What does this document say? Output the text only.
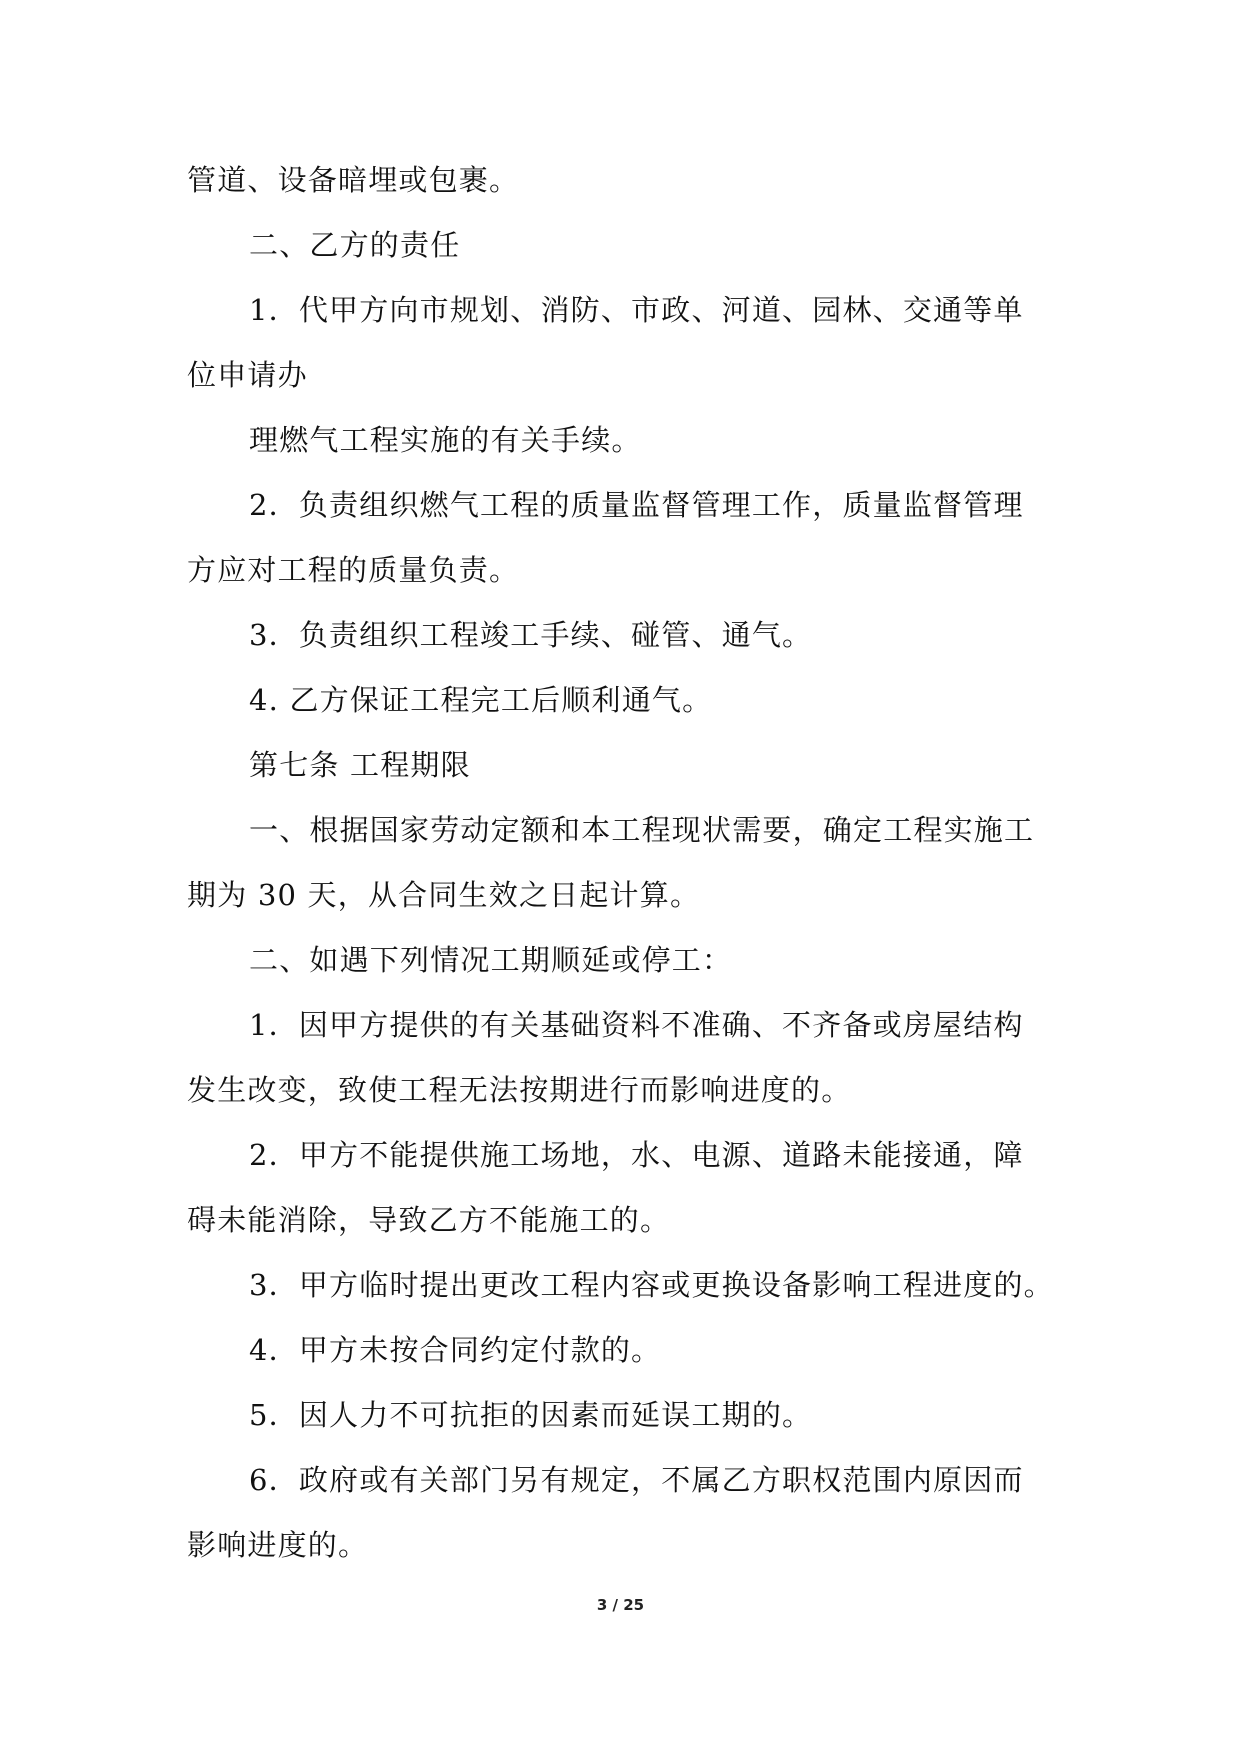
管道、设备暗埋或包裹。
二、乙方的责任
1．代甲方向市规划、消防、市政、河道、园林、交通等单
位申请办
理燃气工程实施的有关手续。
2．负责组织燃气工程的质量监督管理工作，质量监督管理
方应对工程的质量负责。
3．负责组织工程竣工手续、碰管、通气。
4. 乙方保证工程完工后顺利通气。
第七条 工程期限
一、根据国家劳动定额和本工程现状需要，确定工程实施工
期为 30 天，从合同生效之日起计算。
二、如遇下列情况工期顺延或停工：
1．因甲方提供的有关基础资料不准确、不齐备或房屋结构
发生改变，致使工程无法按期进行而影响进度的。
2．甲方不能提供施工场地，水、电源、道路未能接通，障
碍未能消除，导致乙方不能施工的。
3．甲方临时提出更改工程内容或更换设备影响工程进度的。
4．甲方未按合同约定付款的。
5．因人力不可抗拒的因素而延误工期的。
6．政府或有关部门另有规定，不属乙方职权范围内原因而
影响进度的。
3 / 25
